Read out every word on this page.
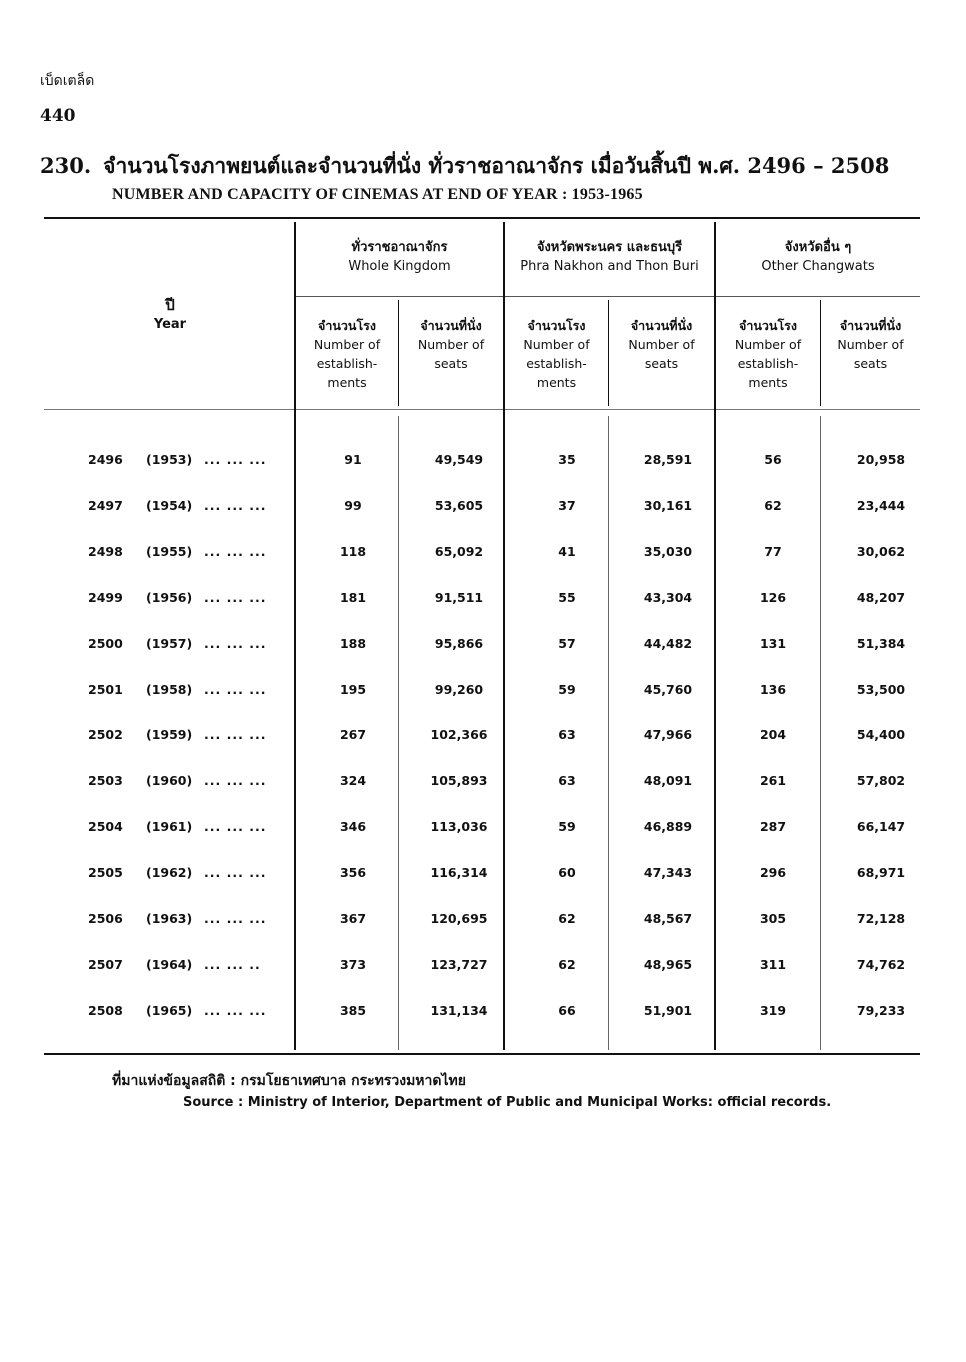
เบ็ดเตล็ด
440
230. จำนวนโรงภาพยนต์และจำนวนที่นั่ง ทั่วราชอาณาจักร เมื่อวันสิ้นปี พ.ศ. 2496 – 2508
NUMBER AND CAPACITY OF CINEMAS AT END OF YEAR : 1953-1965
ปี
Year
ทั่วราชอาณาจักร
Whole Kingdom
จังหวัดพระนคร และธนบุรี
Phra Nakhon and Thon Buri
จังหวัดอื่น ๆ
Other Changwats
จำนวนโรง
Number of
establish-
ments
จำนวนที่นั่ง
Number of
seats
จำนวนโรง
Number of
establish-
ments
จำนวนที่นั่ง
Number of
seats
จำนวนโรง
Number of
establish-
ments
จำนวนที่นั่ง
Number of
seats
2496 (1953) ... ... ...	91	49,549	35	28,591	56	20,958
2497 (1954) ... ... ...	99	53,605	37	30,161	62	23,444
2498 (1955) ... ... ...	118	65,092	41	35,030	77	30,062
2499 (1956) ... ... ...	181	91,511	55	43,304	126	48,207
2500 (1957) ... ... ...	188	95,866	57	44,482	131	51,384
2501 (1958) ... ... ...	195	99,260	59	45,760	136	53,500
2502 (1959) ... ... ...	267	102,366	63	47,966	204	54,400
2503 (1960) ... ... ...	324	105,893	63	48,091	261	57,802
2504 (1961) ... ... ...	346	113,036	59	46,889	287	66,147
2505 (1962) ... ... ...	356	116,314	60	47,343	296	68,971
2506 (1963) ... ... ...	367	120,695	62	48,567	305	72,128
2507 (1964) ... ... ..	373	123,727	62	48,965	311	74,762
2508 (1965) ... ... ...	385	131,134	66	51,901	319	79,233
ที่มาแห่งข้อมูลสถิติ : กรมโยธาเทศบาล กระทรวงมหาดไทย
Source : Ministry of Interior, Department of Public and Municipal Works: official records.
